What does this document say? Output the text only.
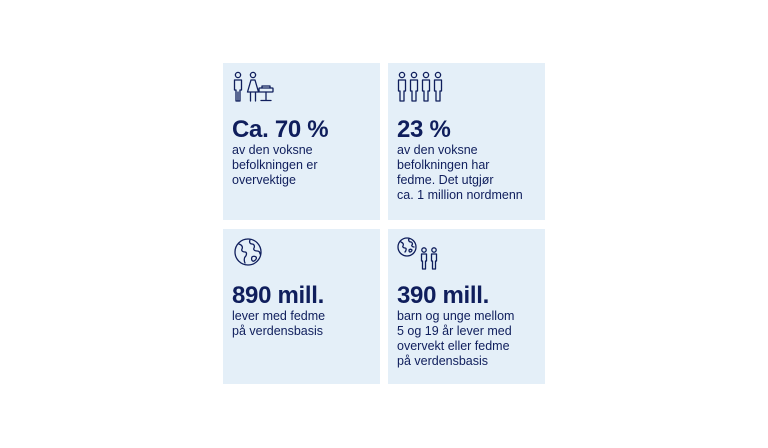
Ca. 70 %
av den voksne
befolkningen er
overvektige
23 %
av den voksne
befolkningen har
fedme. Det utgjør
ca. 1 million nordmenn
890 mill.
lever med fedme
på verdensbasis
390 mill.
barn og unge mellom
5 og 19 år lever med
overvekt eller fedme
på verdensbasis
